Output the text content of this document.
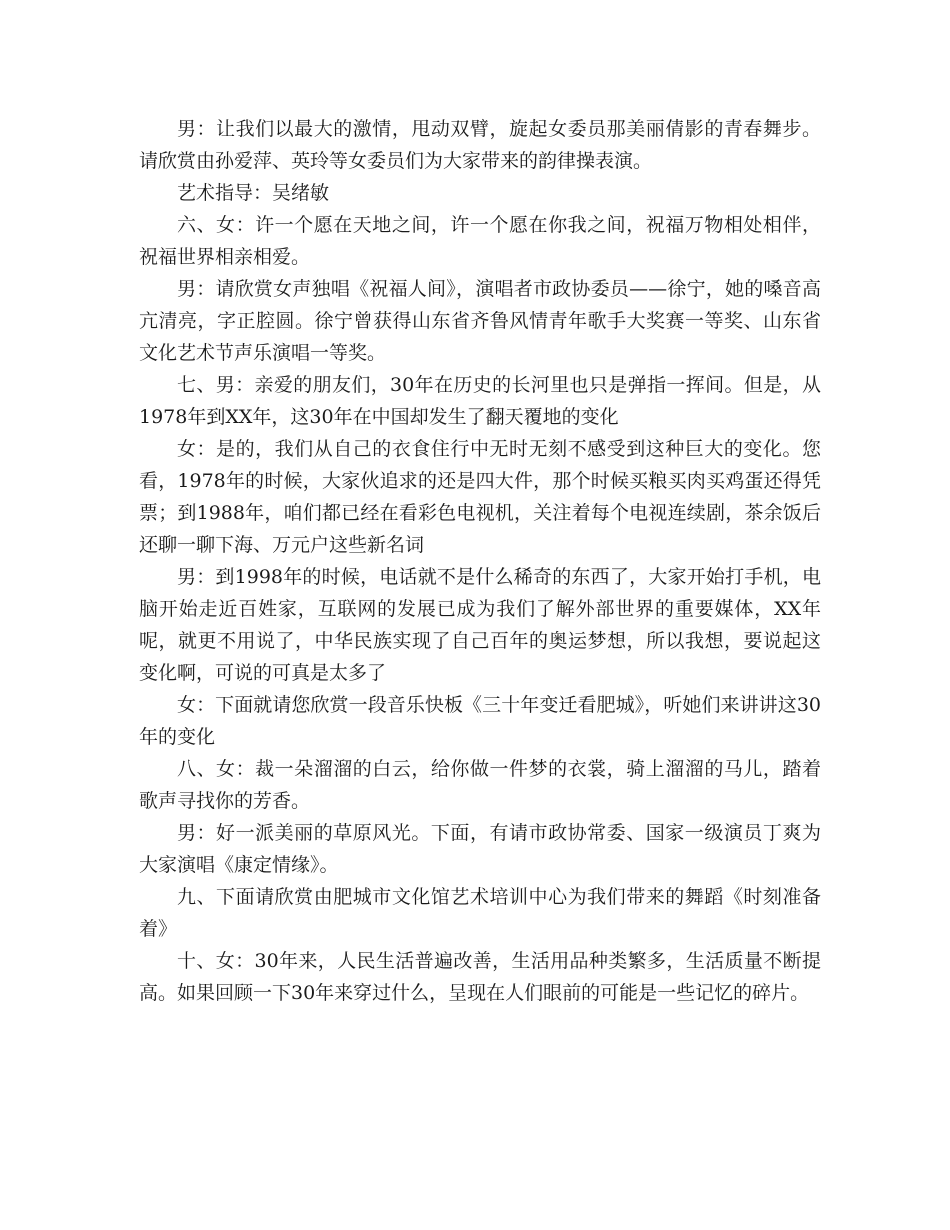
男：让我们以最大的激情，甩动双臂，旋起女委员那美丽倩影的青春舞步。请欣赏由孙爱萍、英玲等女委员们为大家带来的韵律操表演。

艺术指导：吴绪敏

六、女：许一个愿在天地之间，许一个愿在你我之间，祝福万物相处相伴，祝福世界相亲相爱。

男：请欣赏女声独唱《祝福人间》，演唱者市政协委员——徐宁，她的嗓音高亢清亮，字正腔圆。徐宁曾获得山东省齐鲁风情青年歌手大奖赛一等奖、山东省文化艺术节声乐演唱一等奖。

七、男：亲爱的朋友们，30年在历史的长河里也只是弹指一挥间。但是，从1978年到XX年，这30年在中国却发生了翻天覆地的变化

女：是的，我们从自己的衣食住行中无时无刻不感受到这种巨大的变化。您看，1978年的时候，大家伙追求的还是四大件，那个时候买粮买肉买鸡蛋还得凭票；到1988年，咱们都已经在看彩色电视机，关注着每个电视连续剧，茶余饭后还聊一聊下海、万元户这些新名词

男：到1998年的时候，电话就不是什么稀奇的东西了，大家开始打手机，电脑开始走近百姓家，互联网的发展已成为我们了解外部世界的重要媒体，XX年呢，就更不用说了，中华民族实现了自己百年的奥运梦想，所以我想，要说起这变化啊，可说的可真是太多了

女：下面就请您欣赏一段音乐快板《三十年变迁看肥城》，听她们来讲讲这30年的变化

八、女：裁一朵溜溜的白云，给你做一件梦的衣裳，骑上溜溜的马儿，踏着歌声寻找你的芳香。

男：好一派美丽的草原风光。下面，有请市政协常委、国家一级演员丁爽为大家演唱《康定情缘》。

九、下面请欣赏由肥城市文化馆艺术培训中心为我们带来的舞蹈《时刻准备着》

十、女：30年来，人民生活普遍改善，生活用品种类繁多，生活质量不断提高。如果回顾一下30年来穿过什么，呈现在人们眼前的可能是一些记忆的碎片。
